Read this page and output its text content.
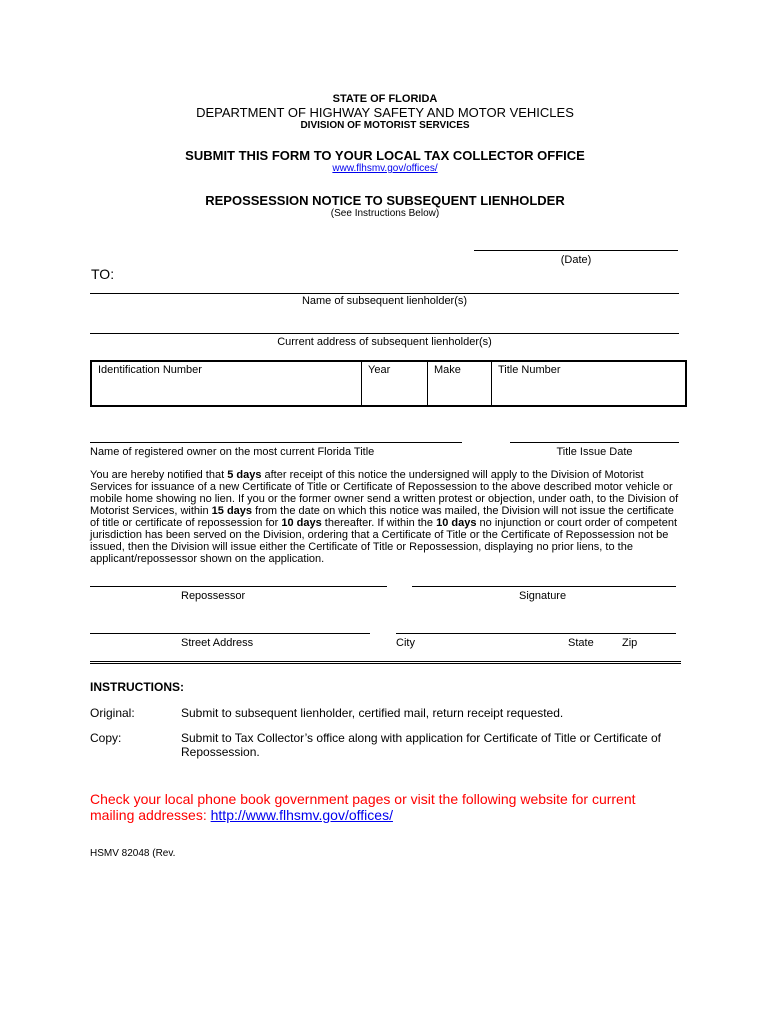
STATE OF FLORIDA
DEPARTMENT OF HIGHWAY SAFETY AND MOTOR VEHICLES
DIVISION OF MOTORIST SERVICES
SUBMIT THIS FORM TO YOUR LOCAL TAX COLLECTOR OFFICE
www.flhsmv.gov/offices/
REPOSSESSION NOTICE TO SUBSEQUENT LIENHOLDER
(See Instructions Below)
(Date)
TO:
Name of subsequent lienholder(s)
Current address of subsequent lienholder(s)
Identification Number	Year	Make	Title Number
Name of registered owner on the most current Florida Title	Title Issue Date
You are hereby notified that 5 days after receipt of this notice the undersigned will apply to the Division of Motorist Services for issuance of a new Certificate of Title or Certificate of Repossession to the above described motor vehicle or mobile home showing no lien. If you or the former owner send a written protest or objection, under oath, to the Division of Motorist Services, within 15 days from the date on which this notice was mailed, the Division will not issue the certificate of title or certificate of repossession for 10 days thereafter. If within the 10 days no injunction or court order of competent jurisdiction has been served on the Division, ordering that a Certificate of Title or the Certificate of Repossession not be issued, then the Division will issue either the Certificate of Title or Repossession, displaying no prior liens, to the applicant/repossessor shown on the application.
Repossessor	Signature
Street Address	City	State	Zip
INSTRUCTIONS:
Original:	Submit to subsequent lienholder, certified mail, return receipt requested.
Copy:	Submit to Tax Collector’s office along with application for Certificate of Title or Certificate of Repossession.
Check your local phone book government pages or visit the following website for current mailing addresses: http://www.flhsmv.gov/offices/
HSMV 82048 (Rev.
